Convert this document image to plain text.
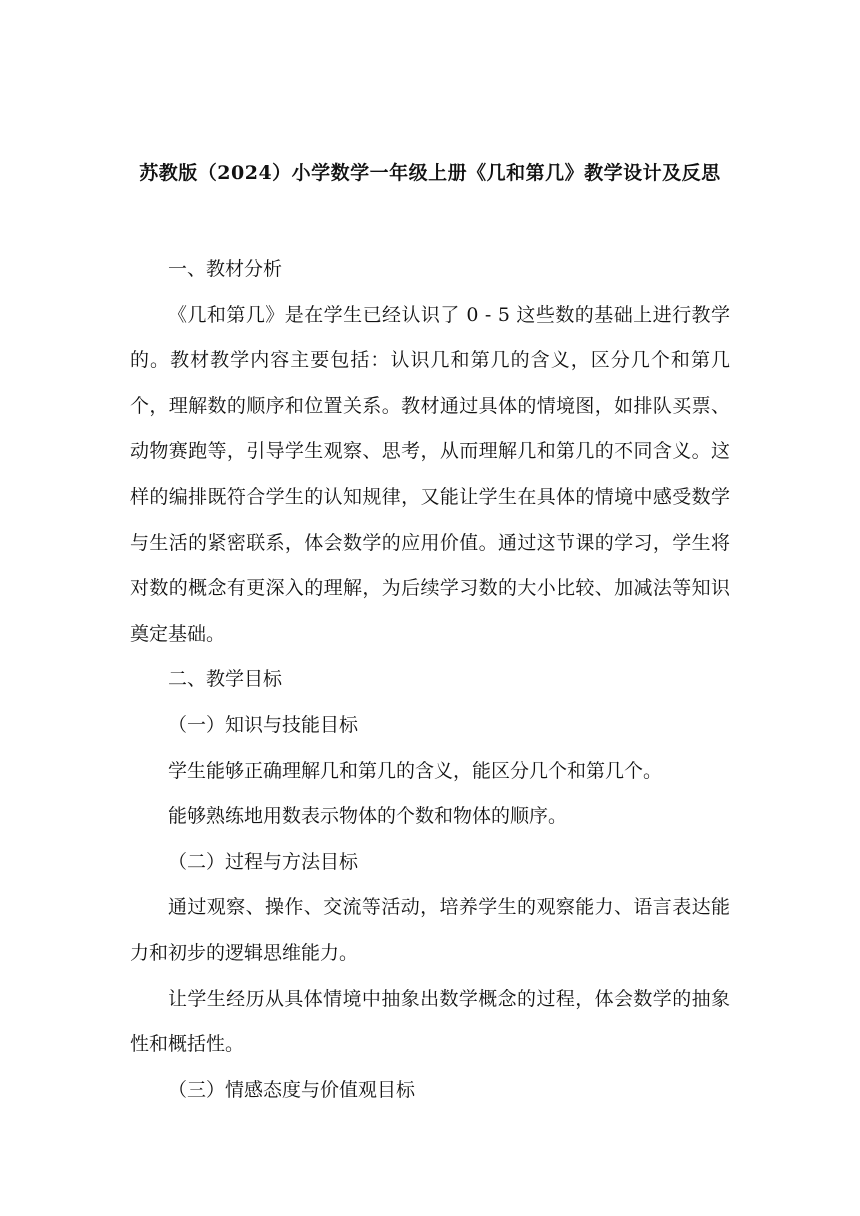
苏教版（2024）小学数学一年级上册《几和第几》教学设计及反思

一、教材分析

《几和第几》是在学生已经认识了 0 - 5 这些数的基础上进行教学的。教材教学内容主要包括：认识几和第几的含义，区分几个和第几个，理解数的顺序和位置关系。教材通过具体的情境图，如排队买票、动物赛跑等，引导学生观察、思考，从而理解几和第几的不同含义。这样的编排既符合学生的认知规律，又能让学生在具体的情境中感受数学与生活的紧密联系，体会数学的应用价值。通过这节课的学习，学生将对数的概念有更深入的理解，为后续学习数的大小比较、加减法等知识奠定基础。

二、教学目标

（一）知识与技能目标

学生能够正确理解几和第几的含义，能区分几个和第几个。

能够熟练地用数表示物体的个数和物体的顺序。

（二）过程与方法目标

通过观察、操作、交流等活动，培养学生的观察能力、语言表达能力和初步的逻辑思维能力。

让学生经历从具体情境中抽象出数学概念的过程，体会数学的抽象性和概括性。

（三）情感态度与价值观目标
